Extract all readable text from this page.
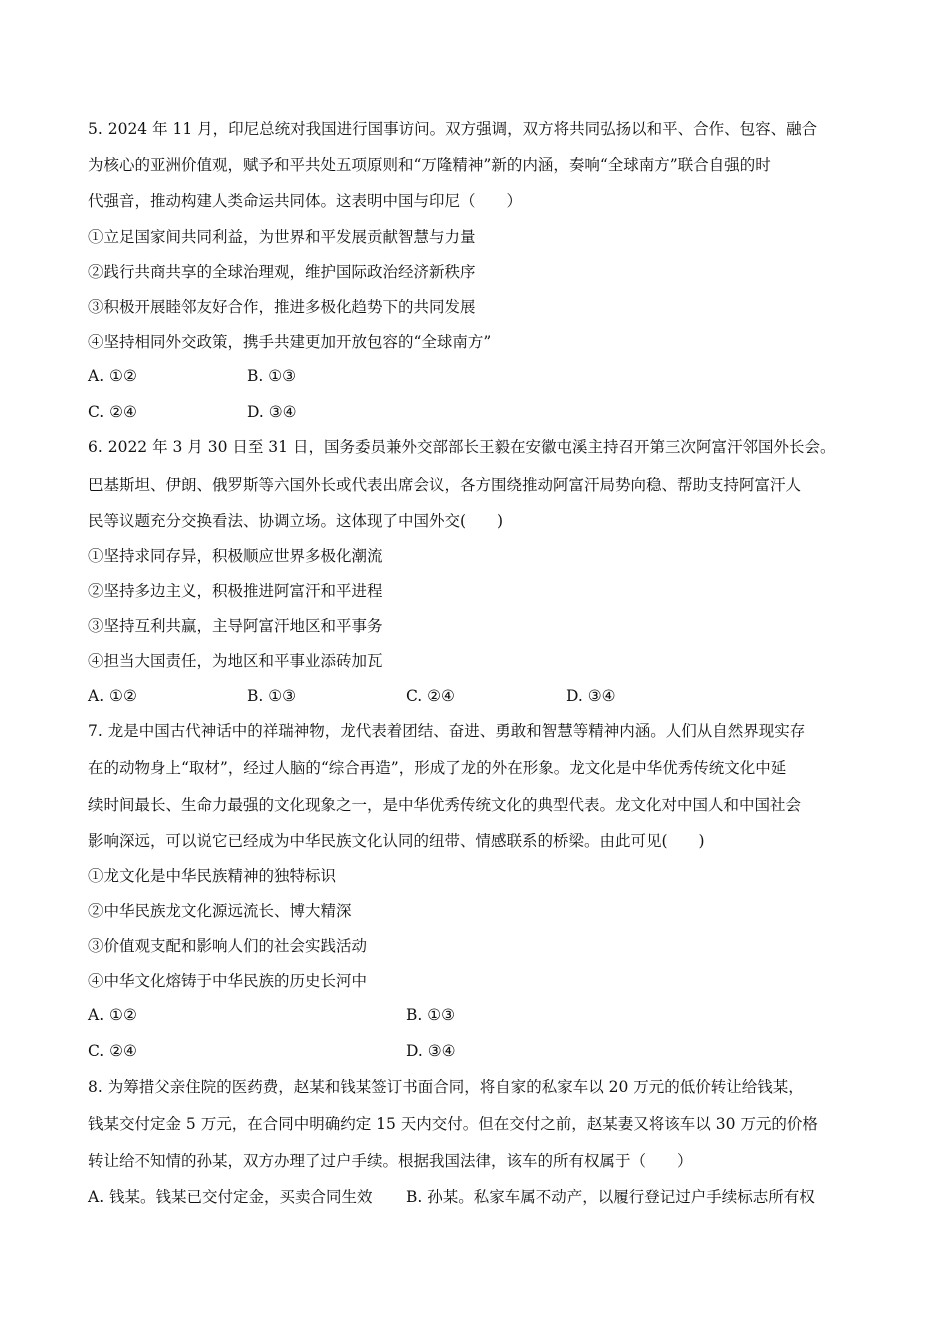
5. 2024 年 11 月，印尼总统对我国进行国事访问。双方强调，双方将共同弘扬以和平、合作、包容、融合
为核心的亚洲价值观，赋予和平共处五项原则和“万隆精神”新的内涵，奏响“全球南方”联合自强的时
代强音，推动构建人类命运共同体。这表明中国与印尼（　　）
①立足国家间共同利益，为世界和平发展贡献智慧与力量
②践行共商共享的全球治理观，维护国际政治经济新秩序
③积极开展睦邻友好合作，推进多极化趋势下的共同发展
④坚持相同外交政策，携手共建更加开放包容的“全球南方”
A. ①②	B. ①③
C. ②④	D. ③④
6. 2022 年 3 月 30 日至 31 日，国务委员兼外交部部长王毅在安徽屯溪主持召开第三次阿富汗邻国外长会。
巴基斯坦、伊朗、俄罗斯等六国外长或代表出席会议，各方围绕推动阿富汗局势向稳、帮助支持阿富汗人
民等议题充分交换看法、协调立场。这体现了中国外交(　　)
①坚持求同存异，积极顺应世界多极化潮流
②坚持多边主义，积极推进阿富汗和平进程
③坚持互利共赢，主导阿富汗地区和平事务
④担当大国责任，为地区和平事业添砖加瓦
A. ①②	B. ①③	C. ②④	D. ③④
7. 龙是中国古代神话中的祥瑞神物，龙代表着团结、奋进、勇敢和智慧等精神内涵。人们从自然界现实存
在的动物身上“取材”，经过人脑的“综合再造”，形成了龙的外在形象。龙文化是中华优秀传统文化中延
续时间最长、生命力最强的文化现象之一，是中华优秀传统文化的典型代表。龙文化对中国人和中国社会
影响深远，可以说它已经成为中华民族文化认同的纽带、情感联系的桥梁。由此可见(　　)
①龙文化是中华民族精神的独特标识
②中华民族龙文化源远流长、博大精深
③价值观支配和影响人们的社会实践活动
④中华文化熔铸于中华民族的历史长河中
A. ①②	B. ①③
C. ②④	D. ③④
8. 为筹措父亲住院的医药费，赵某和钱某签订书面合同，将自家的私家车以 20 万元的低价转让给钱某，
钱某交付定金 5 万元，在合同中明确约定 15 天内交付。但在交付之前，赵某妻又将该车以 30 万元的价格
转让给不知情的孙某，双方办理了过户手续。根据我国法律，该车的所有权属于（　　）
A. 钱某。钱某已交付定金，买卖合同生效 B. 孙某。私家车属不动产，以履行登记过户手续标志所有权
